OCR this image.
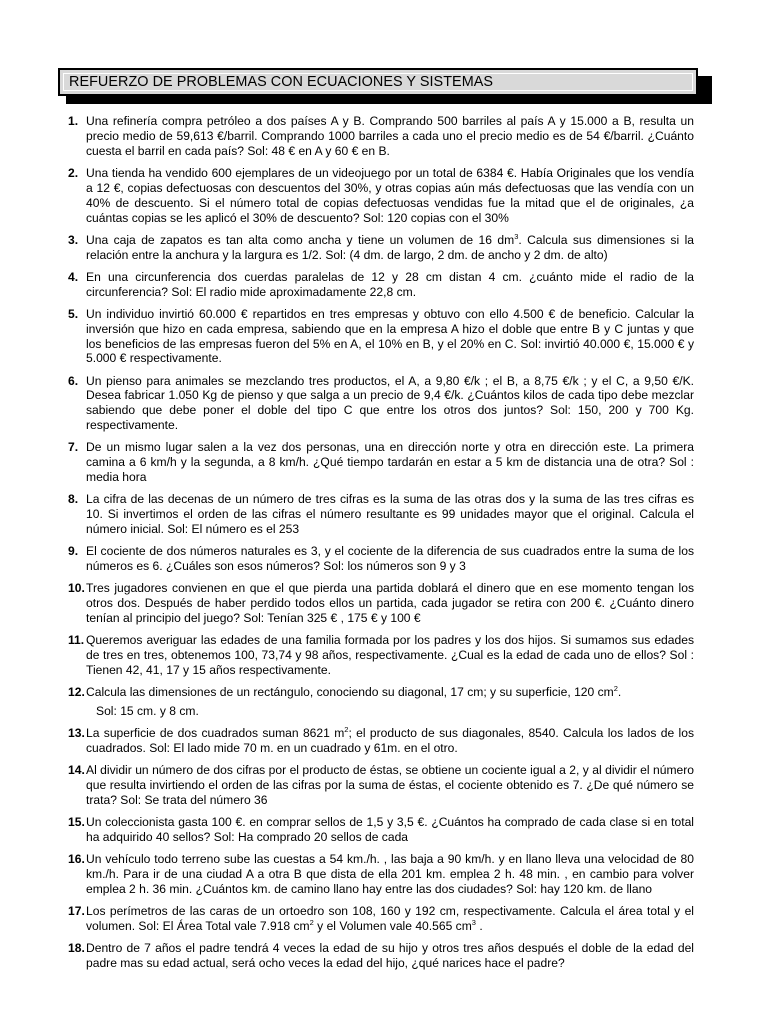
REFUERZO DE PROBLEMAS CON ECUACIONES Y SISTEMAS
1. Una refinería compra petróleo a dos países A y B. Comprando 500 barriles al país A y 15.000 a B, resulta un precio medio de 59,613 €/barril. Comprando 1000 barriles a cada uno el precio medio es de 54 €/barril. ¿Cuánto cuesta el barril en cada país? Sol: 48 € en A y 60 € en B.
2. Una tienda ha vendido 600 ejemplares de un videojuego por un total de 6384 €. Había Originales que los vendía a 12 €, copias defectuosas con descuentos del 30%, y otras copias aún más defectuosas que las vendía con un 40% de descuento. Si el número total de copias defectuosas vendidas fue la mitad que el de originales, ¿a cuántas copias se les aplicó el 30% de descuento? Sol: 120 copias con el 30%
3. Una caja de zapatos es tan alta como ancha y tiene un volumen de 16 $dm^3$. Calcula sus dimensiones si la relación entre la anchura y la largura es 1/2. Sol: (4 dm. de largo, 2 dm. de ancho y 2 dm. de alto)
4. En una circunferencia dos cuerdas paralelas de 12 y 28 cm distan 4 cm. ¿cuánto mide el radio de la circunferencia? Sol: El radio mide aproximadamente 22,8 cm.
5. Un individuo invirtió 60.000 € repartidos en tres empresas y obtuvo con ello 4.500 € de beneficio. Calcular la inversión que hizo en cada empresa, sabiendo que en la empresa A hizo el doble que entre B y C juntas y que los beneficios de las empresas fueron del 5% en A, el 10% en B, y el 20% en C. Sol: invirtió 40.000 €, 15.000 € y 5.000 € respectivamente.
6. Un pienso para animales se mezclando tres productos, el A, a 9,80 €/k ; el B, a 8,75 €/k ; y el C, a 9,50 €/K. Desea fabricar 1.050 Kg de pienso y que salga a un precio de 9,4 €/k. ¿Cuántos kilos de cada tipo debe mezclar sabiendo que debe poner el doble del tipo C que entre los otros dos juntos? Sol: 150, 200 y 700 Kg. respectivamente.
7. De un mismo lugar salen a la vez dos personas, una en dirección norte y otra en dirección este. La primera camina a 6 km/h y la segunda, a 8 km/h. ¿Qué tiempo tardarán en estar a 5 km de distancia una de otra? Sol : media hora
8. La cifra de las decenas de un número de tres cifras es la suma de las otras dos y la suma de las tres cifras es 10. Si invertimos el orden de las cifras el número resultante es 99 unidades mayor que el original. Calcula el número inicial. Sol: El número es el 253
9. El cociente de dos números naturales es 3, y el cociente de la diferencia de sus cuadrados entre la suma de los números es 6. ¿Cuáles son esos números? Sol: los números son 9 y 3
10. Tres jugadores convienen en que el que pierda una partida doblará el dinero que en ese momento tengan los otros dos. Después de haber perdido todos ellos un partida, cada jugador se retira con 200 €. ¿Cuánto dinero tenían al principio del juego? Sol: Tenían 325 € , 175 € y 100 €
11. Queremos averiguar las edades de una familia formada por los padres y los dos hijos. Si sumamos sus edades de tres en tres, obtenemos 100, 73,74 y 98 años, respectivamente. ¿Cual es la edad de cada uno de ellos? Sol : Tienen 42, 41, 17 y 15 años respectivamente.
12. Calcula las dimensiones de un rectángulo, conociendo su diagonal, 17 cm; y su superficie, 120 $cm^2$.
Sol: 15 cm. y 8 cm.
13. La superficie de dos cuadrados suman 8621 $m^2$; el producto de sus diagonales, 8540. Calcula los lados de los cuadrados. Sol: El lado mide 70 m. en un cuadrado y 61m. en el otro.
14. Al dividir un número de dos cifras por el producto de éstas, se obtiene un cociente igual a 2, y al dividir el número que resulta invirtiendo el orden de las cifras por la suma de éstas, el cociente obtenido es 7. ¿De qué número se trata? Sol: Se trata del número 36
15. Un coleccionista gasta 100 €. en comprar sellos de 1,5 y 3,5 €. ¿Cuántos ha comprado de cada clase si en total ha adquirido 40 sellos? Sol: Ha comprado 20 sellos de cada
16. Un vehículo todo terreno sube las cuestas a 54 km./h. , las baja a 90 km/h. y en llano lleva una velocidad de 80 km./h. Para ir de una ciudad A a otra B que dista de ella 201 km. emplea 2 h. 48 min. , en cambio para volver emplea 2 h. 36 min. ¿Cuántos km. de camino llano hay entre las dos ciudades? Sol: hay 120 km. de llano
17. Los perímetros de las caras de un ortoedro son 108, 160 y 192 cm, respectivamente. Calcula el área total y el volumen. Sol: El Área Total vale 7.918 $cm^2$ y el Volumen vale 40.565 $cm^3$ .
18. Dentro de 7 años el padre tendrá 4 veces la edad de su hijo y otros tres años después el doble de la edad del padre mas su edad actual, será ocho veces la edad del hijo, ¿qué narices hace el padre?
